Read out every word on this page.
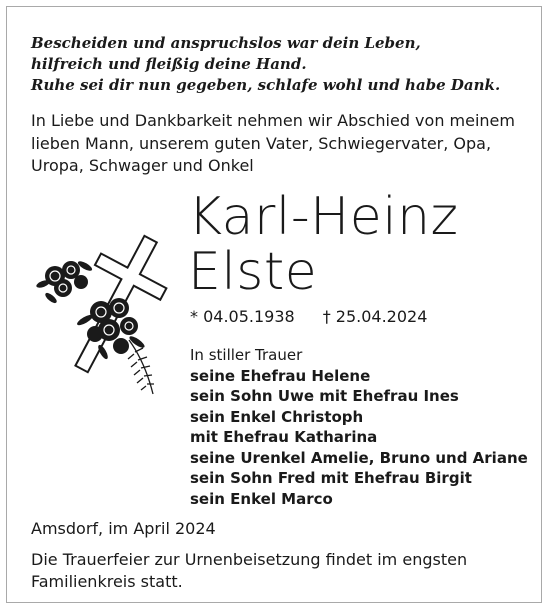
Bescheiden und anspruchslos war dein Leben,
hilfreich und fleißig deine Hand.
Ruhe sei dir nun gegeben, schlafe wohl und habe Dank.
In Liebe und Dankbarkeit nehmen wir Abschied von meinem
lieben Mann, unserem guten Vater, Schwiegervater, Opa,
Uropa, Schwager und Onkel
Karl-Heinz
Elste
* 04.05.1938 † 25.04.2024
In stiller Trauer
seine Ehefrau Helene
sein Sohn Uwe mit Ehefrau Ines
sein Enkel Christoph
mit Ehefrau Katharina
seine Urenkel Amelie, Bruno und Ariane
sein Sohn Fred mit Ehefrau Birgit
sein Enkel Marco
Amsdorf, im April 2024
Die Trauerfeier zur Urnenbeisetzung findet im engsten
Familienkreis statt.
